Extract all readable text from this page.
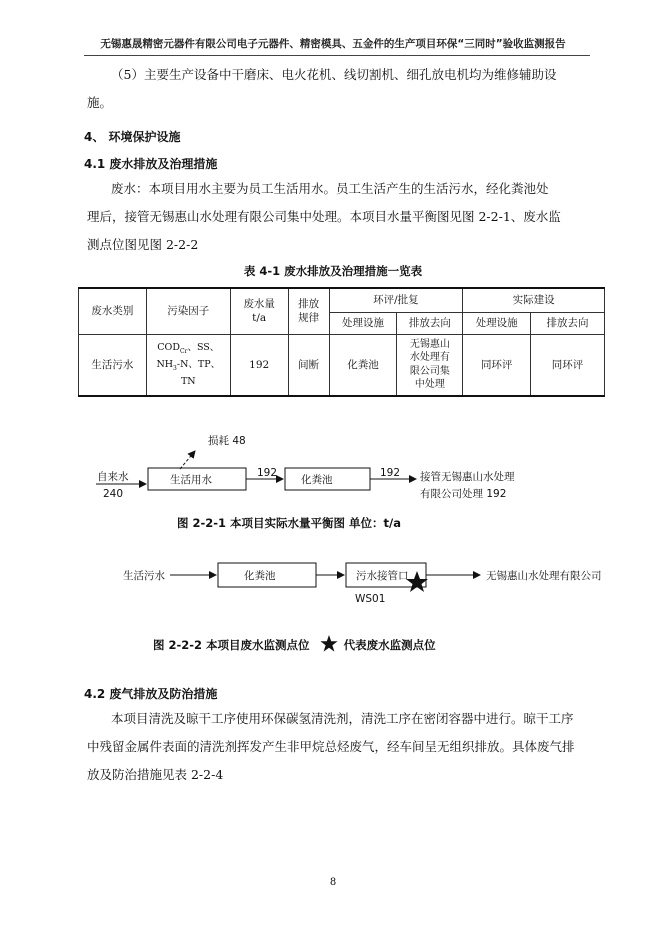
无锡惠晟精密元器件有限公司电子元器件、精密模具、五金件的生产项目环保“三同时”验收监测报告
（5）主要生产设备中干磨床、电火花机、线切割机、细孔放电机均为维修辅助设
施。
4、 环境保护设施
4.1 废水排放及治理措施
废水：本项目用水主要为员工生活用水。员工生活产生的生活污水，经化粪池处
理后，接管无锡惠山水处理有限公司集中处理。本项目水量平衡图见图 2-2-1、废水监
测点位图见图 2-2-2
表 4-1 废水排放及治理措施一览表
废水类别	污染因子	废水量
t/a	排放
规律	环评/批复		实际建设	
				处理设施	排放去向	处理设施	排放去向
生活污水	$COD_{Cr}$、SS、
$NH_3-N$、TP、
TN	192	间断	化粪池	无锡惠山
水处理有
限公司集
中处理	同环评	同环评
损耗 48
自来水
240
生活用水
192
化粪池
192 接管无锡惠山水处理
有限公司处理 192
图 2-2-1 本项目实际水量平衡图 单位：t/a
生活污水	化粪池	污水接管口	无锡惠山水处理有限公司
WS01
图 2-2-2 本项目废水监测点位	代表废水监测点位
4.2 废气排放及防治措施
本项目清洗及晾干工序使用环保碳氢清洗剂，清洗工序在密闭容器中进行。晾干工序
中残留金属件表面的清洗剂挥发产生非甲烷总烃废气，经车间呈无组织排放。具体废气排
放及防治措施见表 2-2-4
8
